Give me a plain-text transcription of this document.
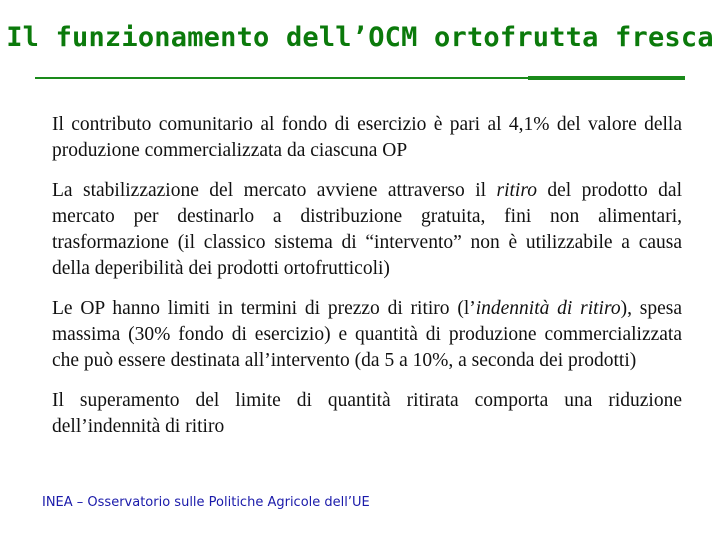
Il funzionamento dell’OCM ortofrutta fresca

Il contributo comunitario al fondo di esercizio è pari al 4,1% del valore della produzione commercializzata da ciascuna OP

La stabilizzazione del mercato avviene attraverso il ritiro del prodotto dal mercato per destinarlo a distribuzione gratuita, fini non alimentari, trasformazione (il classico sistema di “intervento” non è utilizzabile a causa della deperibilità dei prodotti ortofrutticoli)

Le OP hanno limiti in termini di prezzo di ritiro (l’indennità di ritiro), spesa massima (30% fondo di esercizio) e quantità di produzione commercializzata che può essere destinata all’intervento (da 5 a 10%, a seconda dei prodotti)

Il superamento del limite di quantità ritirata comporta una riduzione dell’indennità di ritiro

INEA – Osservatorio sulle Politiche Agricole dell’UE
